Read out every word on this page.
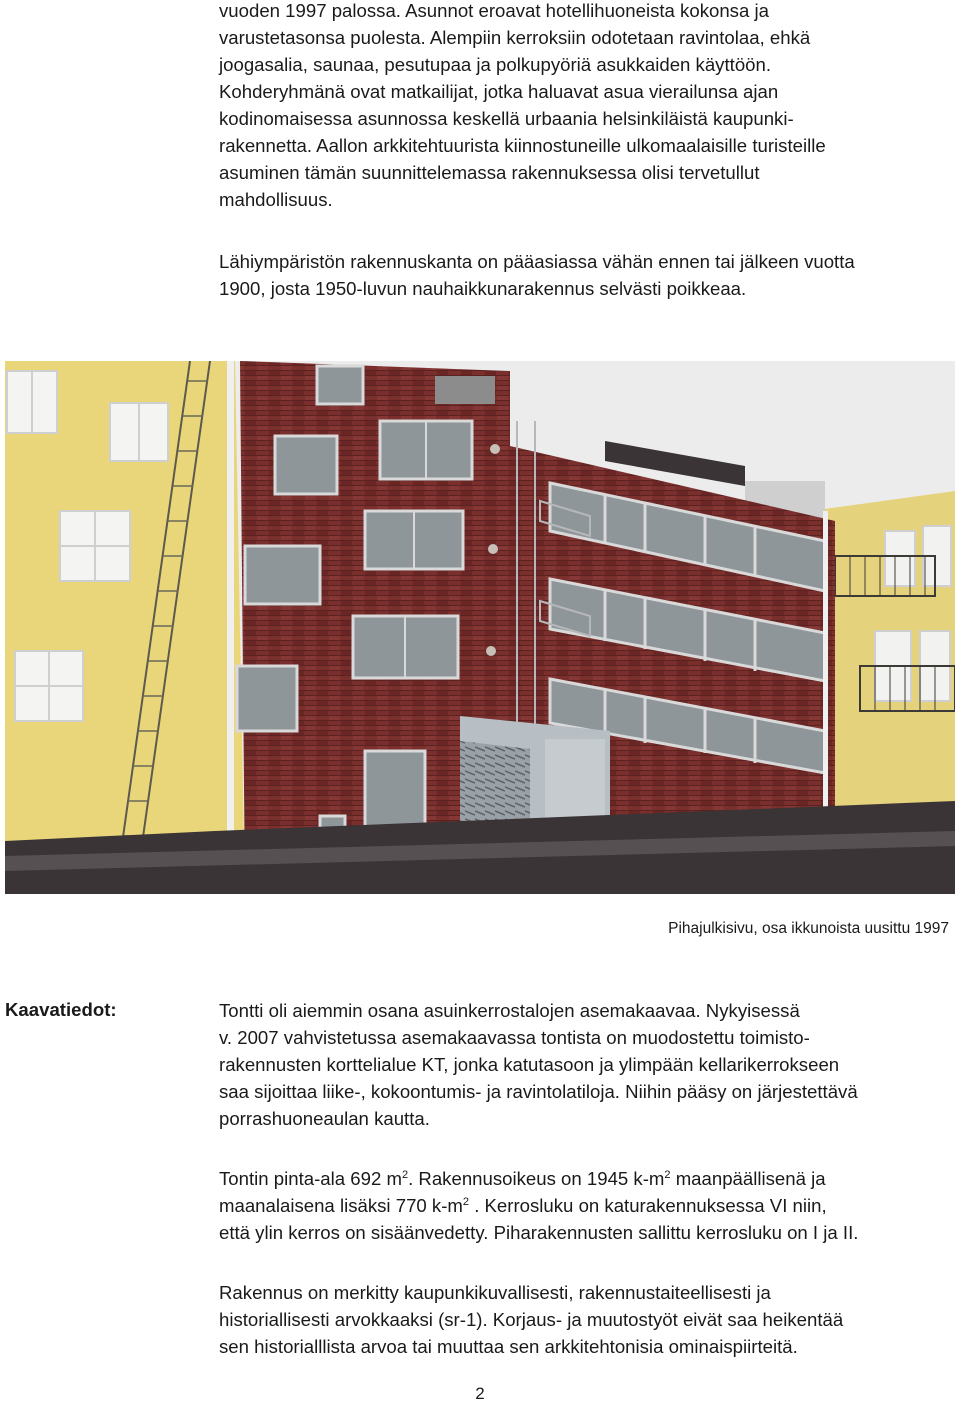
vuoden 1997 palossa. Asunnot eroavat hotellihuoneista kokonsa ja
varustetasonsa puolesta. Alempiin kerroksiin odotetaan ravintolaa, ehkä
joogasalia, saunaa, pesutupaa ja polkupyöriä asukkaiden käyttöön.
Kohderyhmänä ovat matkailijat, jotka haluavat asua vierailunsa ajan
kodinomaisessa asunnossa keskellä urbaania helsinkiläistä kaupunki-
rakennetta. Aallon arkkitehtuurista kiinnostuneille ulkomaalaisille turisteille
asuminen tämän suunnittelemassa rakennuksessa olisi tervetullut
mahdollisuus.

Lähiympäristön rakennuskanta on pääasiassa vähän ennen tai jälkeen vuotta
1900, josta 1950-luvun nauhaikkunarakennus selvästi poikkeaa.

Pihajulkisivu, osa ikkunoista uusittu 1997
Kaavatiedot:	Tontti oli aiemmin osana asuinkerrostalojen asemakaavaa. Nykyisessä
v. 2007 vahvistetussa asemakaavassa tontista on muodostettu toimisto-
rakennusten korttelialue KT, jonka katutasoon ja ylimpään kellarikerrokseen
saa sijoittaa liike-, kokoontumis- ja ravintolatiloja. Niihin pääsy on järjestettävä
porrashuoneaulan kautta.

Tontin pinta-ala 692 $m^2$. Rakennusoikeus on 1945 $k-m^2$ maanpäällisenä ja
maanalaisena lisäksi 770 $k-m^2$ . Kerrosluku on katurakennuksessa VI niin,
että ylin kerros on sisäänvedetty. Piharakennusten sallittu kerrosluku on I ja II.

Rakennus on merkitty kaupunkikuvallisesti, rakennustaiteellisesti ja
historiallisesti arvokkaaksi (sr-1). Korjaus- ja muutostyöt eivät saa heikentää
sen historialllista arvoa tai muuttaa sen arkkitehtonisia ominaispiirteitä.

2
